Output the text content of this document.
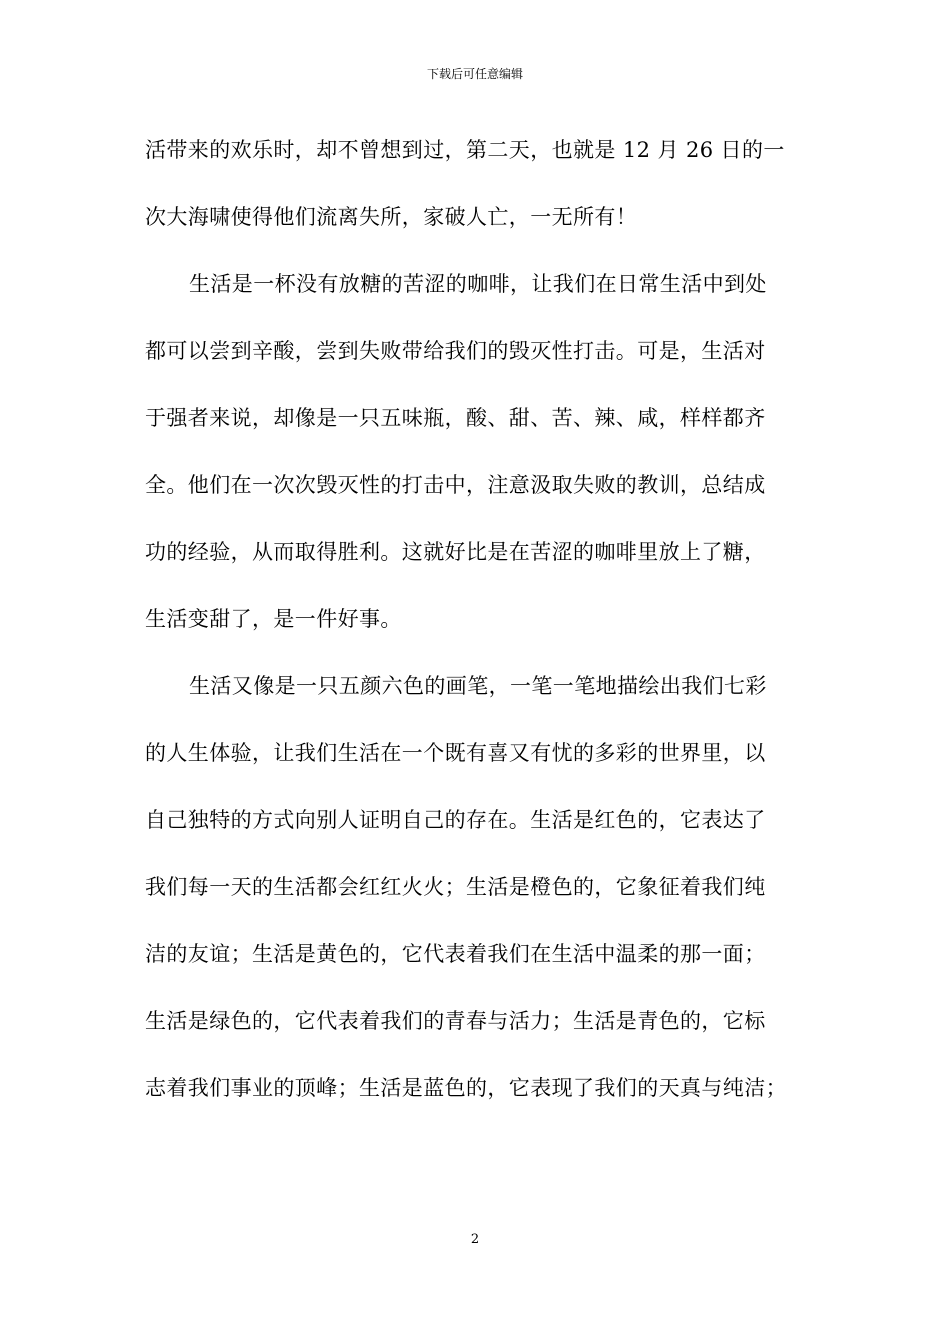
下载后可任意编辑
活带来的欢乐时，却不曾想到过，第二天，也就是 12 月 26 日的一
次大海啸使得他们流离失所，家破人亡，一无所有！
生活是一杯没有放糖的苦涩的咖啡，让我们在日常生活中到处
都可以尝到辛酸，尝到失败带给我们的毁灭性打击。可是，生活对
于强者来说，却像是一只五味瓶，酸、甜、苦、辣、咸，样样都齐
全。他们在一次次毁灭性的打击中，注意汲取失败的教训，总结成
功的经验，从而取得胜利。这就好比是在苦涩的咖啡里放上了糖，
生活变甜了，是一件好事。
生活又像是一只五颜六色的画笔，一笔一笔地描绘出我们七彩
的人生体验，让我们生活在一个既有喜又有忧的多彩的世界里，以
自己独特的方式向别人证明自己的存在。生活是红色的，它表达了
我们每一天的生活都会红红火火；生活是橙色的，它象征着我们纯
洁的友谊；生活是黄色的，它代表着我们在生活中温柔的那一面；
生活是绿色的，它代表着我们的青春与活力；生活是青色的，它标
志着我们事业的顶峰；生活是蓝色的，它表现了我们的天真与纯洁；
2
